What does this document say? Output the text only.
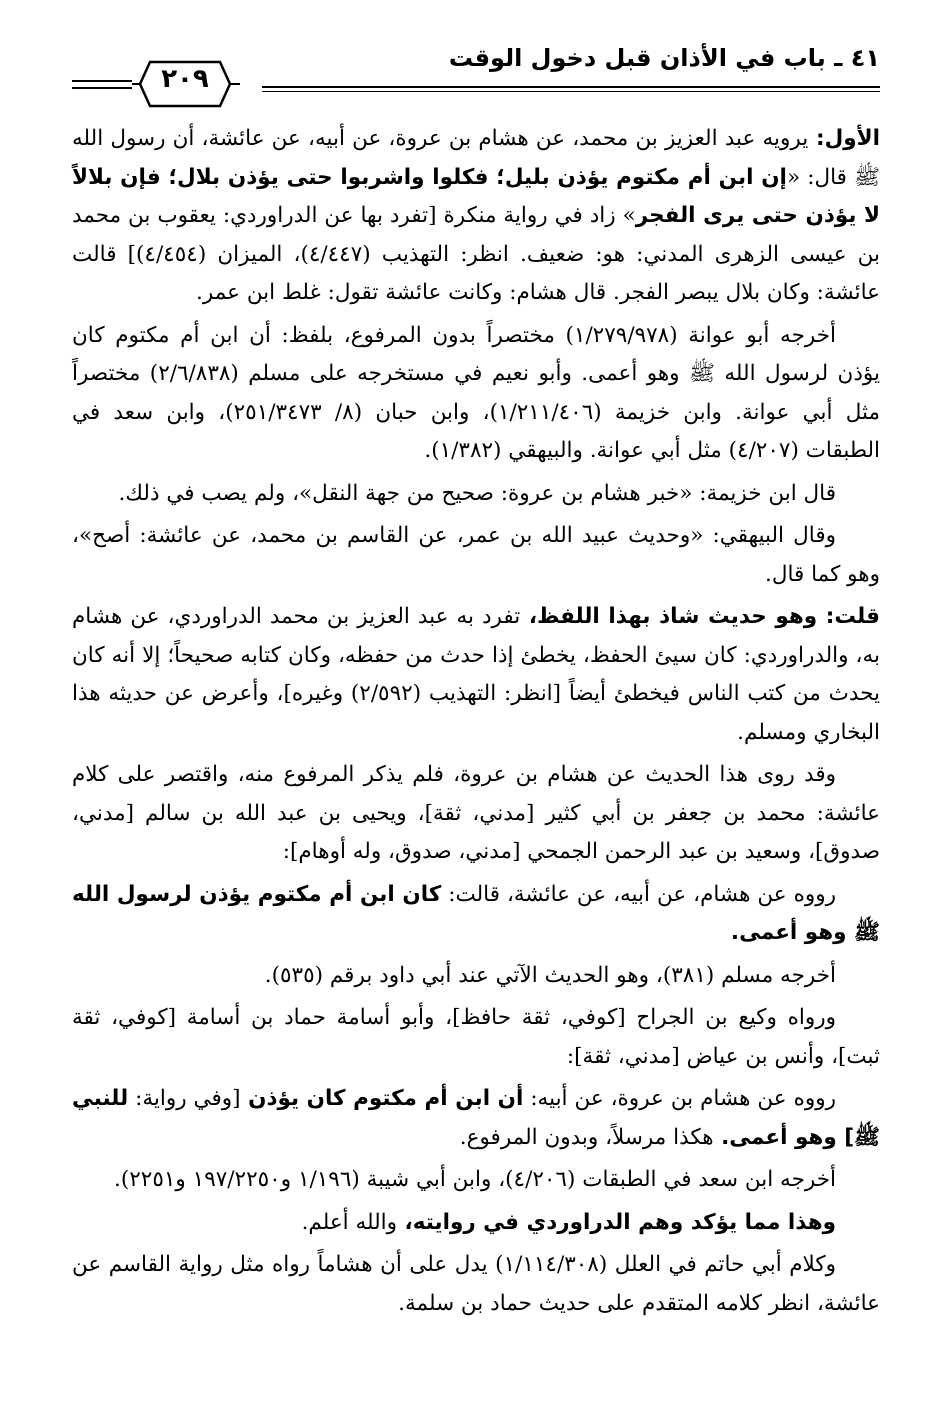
٤١ ـ باب في الأذان قبل دخول الوقت
٢٠٩

الأول: يرويه عبد العزيز بن محمد، عن هشام بن عروة، عن أبيه، عن عائشة، أن رسول الله ﷺ قال: «إن ابن أم مكتوم يؤذن بليل؛ فكلوا واشربوا حتى يؤذن بلال؛ فإن بلالاً لا يؤذن حتى يرى الفجر» زاد في رواية منكرة [تفرد بها عن الدراوردي: يعقوب بن محمد بن عيسى الزهرى المدني: هو: ضعيف. انظر: التهذيب (٤/٤٤٧)، الميزان (٤/٤٥٤)] قالت عائشة: وكان بلال يبصر الفجر. قال هشام: وكانت عائشة تقول: غلط ابن عمر.

أخرجه أبو عوانة (١/٢٧٩/٩٧٨) مختصراً بدون المرفوع، بلفظ: أن ابن أم مكتوم كان يؤذن لرسول الله ﷺ وهو أعمى. وأبو نعيم في مستخرجه على مسلم (٢/٦/٨٣٨) مختصراً مثل أبي عوانة. وابن خزيمة (١/٢١١/٤٠٦)، وابن حبان (٨/ ٢٥١/٣٤٧٣)، وابن سعد في الطبقات (٤/٢٠٧) مثل أبي عوانة. والبيهقي (١/٣٨٢).

قال ابن خزيمة: «خبر هشام بن عروة: صحيح من جهة النقل»، ولم يصب في ذلك.

وقال البيهقي: «وحديث عبيد الله بن عمر، عن القاسم بن محمد، عن عائشة: أصح»، وهو كما قال.

قلت: وهو حديث شاذ بهذا اللفظ، تفرد به عبد العزيز بن محمد الدراوردي، عن هشام به، والدراوردي: كان سيئ الحفظ، يخطئ إذا حدث من حفظه، وكان كتابه صحيحاً؛ إلا أنه كان يحدث من كتب الناس فيخطئ أيضاً [انظر: التهذيب (٢/٥٩٢) وغيره]، وأعرض عن حديثه هذا البخاري ومسلم.

وقد روى هذا الحديث عن هشام بن عروة، فلم يذكر المرفوع منه، واقتصر على كلام عائشة: محمد بن جعفر بن أبي كثير [مدني، ثقة]، ويحيى بن عبد الله بن سالم [مدني، صدوق]، وسعيد بن عبد الرحمن الجمحي [مدني، صدوق، وله أوهام]:

رووه عن هشام، عن أبيه، عن عائشة، قالت: كان ابن أم مكتوم يؤذن لرسول الله ﷺ وهو أعمى.

أخرجه مسلم (٣٨١)، وهو الحديث الآتي عند أبي داود برقم (٥٣٥).

ورواه وكيع بن الجراح [كوفي، ثقة حافظ]، وأبو أسامة حماد بن أسامة [كوفي، ثقة ثبت]، وأنس بن عياض [مدني، ثقة]:

رووه عن هشام بن عروة، عن أبيه: أن ابن أم مكتوم كان يؤذن [وفي رواية: للنبي ﷺ] وهو أعمى. هكذا مرسلاً، وبدون المرفوع.

أخرجه ابن سعد في الطبقات (٤/٢٠٦)، وابن أبي شيبة (١/١٩٦ و١٩٧/٢٢٥٠ و٢٢٥١).

وهذا مما يؤكد وهم الدراوردي في روايته، والله أعلم.

وكلام أبي حاتم في العلل (١/١١٤/٣٠٨) يدل على أن هشاماً رواه مثل رواية القاسم عن عائشة، انظر كلامه المتقدم على حديث حماد بن سلمة.
